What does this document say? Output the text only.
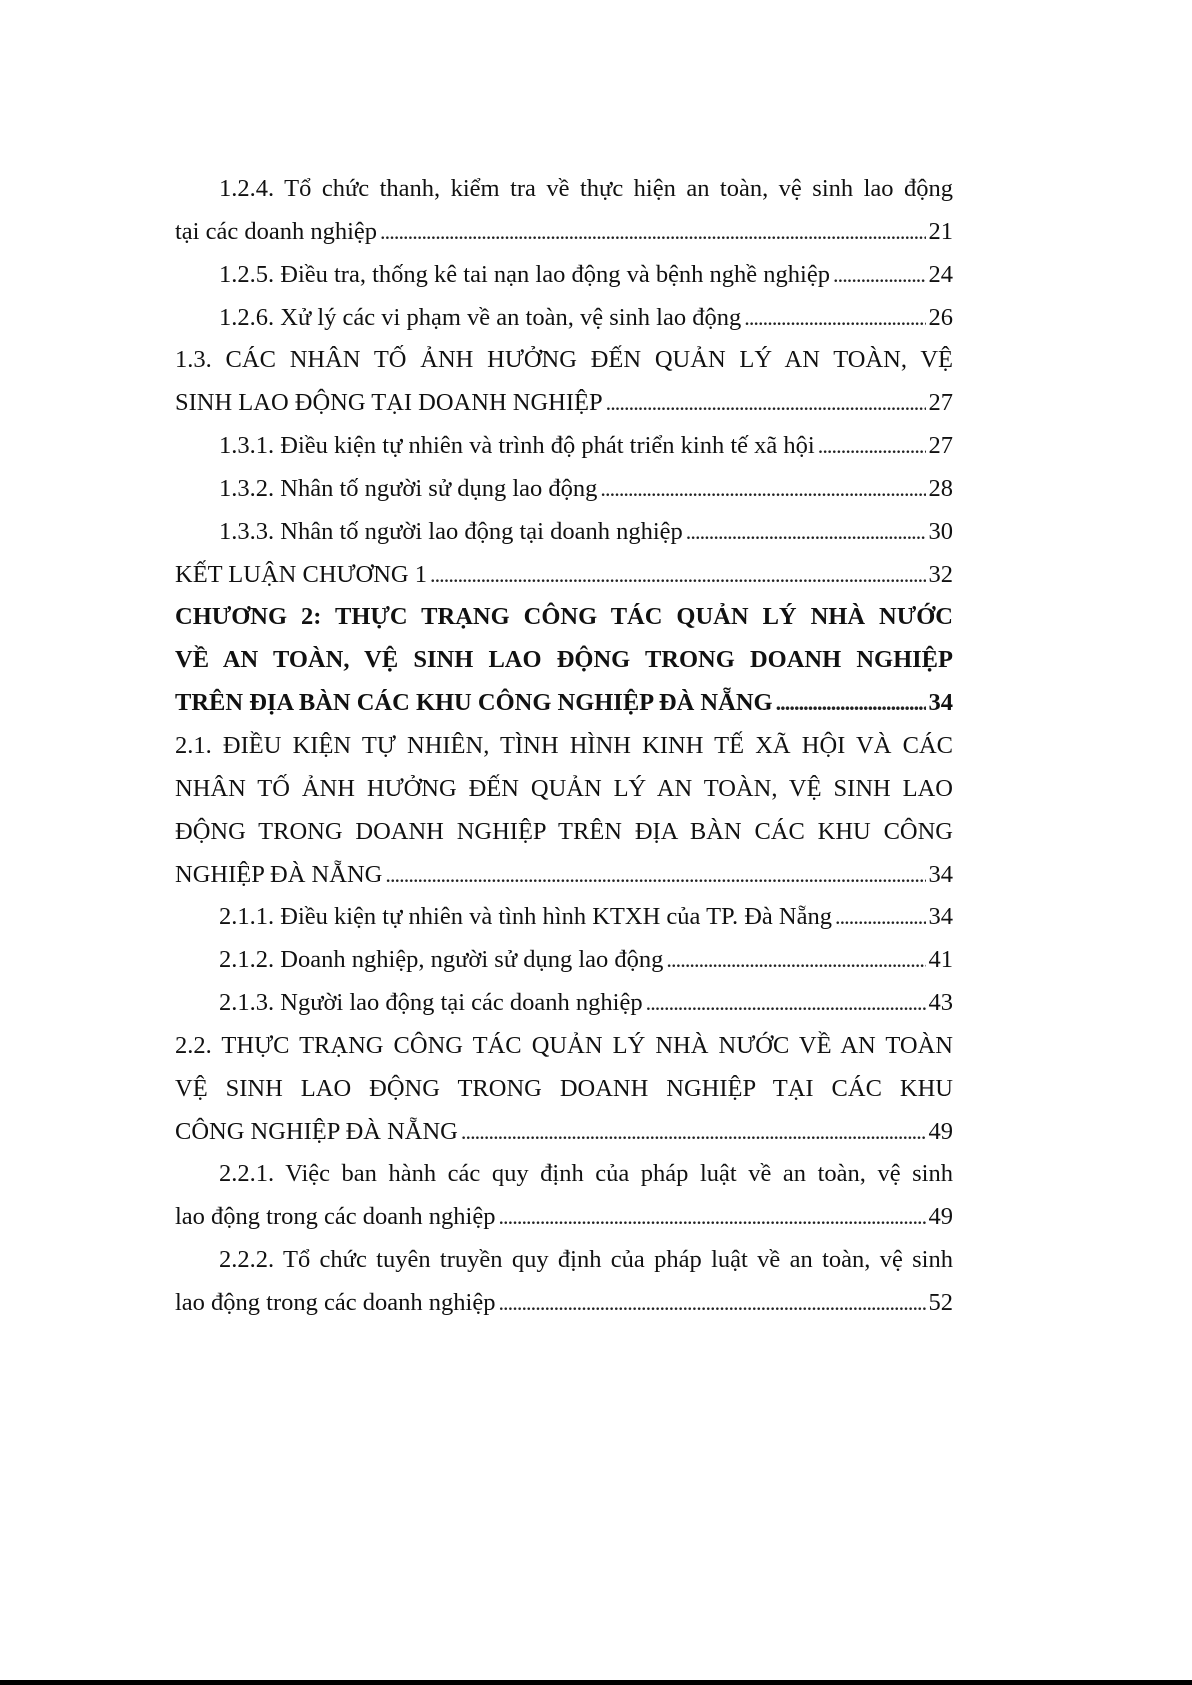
1.2.4. Tổ chức thanh, kiểm tra về thực hiện an toàn, vệ sinh lao động
tại các doanh nghiệp . . .	21
1.2.5. Điều tra, thống kê tai nạn lao động và bệnh nghề nghiệp . . .	24
1.2.6. Xử lý các vi phạm về an toàn, vệ sinh lao động . . .	26
1.3. CÁC NHÂN TỐ ẢNH HƯỞNG ĐẾN QUẢN LÝ AN TOÀN, VỆ
SINH LAO ĐỘNG TẠI DOANH NGHIỆP . . .	27
1.3.1. Điều kiện tự nhiên và trình độ phát triển kinh tế xã hội . . .	27
1.3.2. Nhân tố người sử dụng lao động . . .	28
1.3.3. Nhân tố người lao động tại doanh nghiệp . . .	30
KẾT LUẬN CHƯƠNG 1 . . .	32
CHƯƠNG 2: THỰC TRẠNG CÔNG TÁC QUẢN LÝ NHÀ NƯỚC
VỀ AN TOÀN, VỆ SINH LAO ĐỘNG TRONG DOANH NGHIỆP
TRÊN ĐỊA BÀN CÁC KHU CÔNG NGHIỆP ĐÀ NẴNG . . .	34
2.1. ĐIỀU KIỆN TỰ NHIÊN, TÌNH HÌNH KINH TẾ XÃ HỘI VÀ CÁC
NHÂN TỐ ẢNH HƯỞNG ĐẾN QUẢN LÝ AN TOÀN, VỆ SINH LAO
ĐỘNG TRONG DOANH NGHIỆP TRÊN ĐỊA BÀN CÁC KHU CÔNG
NGHIỆP ĐÀ NẴNG . . .	34
2.1.1. Điều kiện tự nhiên và tình hình KTXH của TP. Đà Nẵng . . .	34
2.1.2. Doanh nghiệp, người sử dụng lao động . . .	41
2.1.3. Người lao động tại các doanh nghiệp . . .	43
2.2. THỰC TRẠNG CÔNG TÁC QUẢN LÝ NHÀ NƯỚC VỀ AN TOÀN
VỆ SINH LAO ĐỘNG TRONG DOANH NGHIỆP TẠI CÁC KHU
CÔNG NGHIỆP ĐÀ NẴNG . . .	49
2.2.1. Việc ban hành các quy định của pháp luật về an toàn, vệ sinh
lao động trong các doanh nghiệp . . .	49
2.2.2. Tổ chức tuyên truyền quy định của pháp luật về an toàn, vệ sinh
lao động trong các doanh nghiệp . . .	52
